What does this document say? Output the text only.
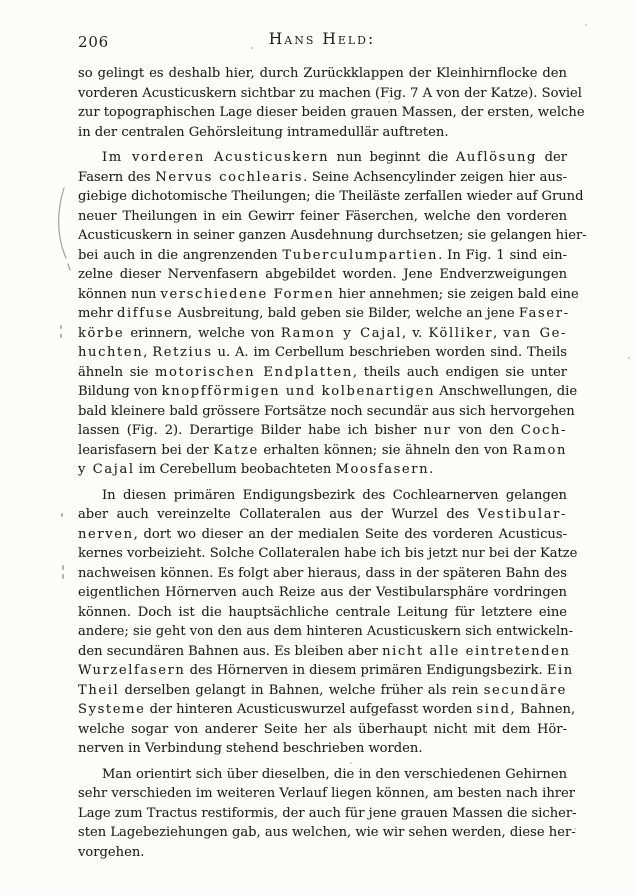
206	Hans Held:
so gelingt es deshalb hier, durch Zurückklappen der Kleinhirnflocke den
vorderen Acusticuskern sichtbar zu machen (Fig. 7 A von der Katze). Soviel
zur topographischen Lage dieser beiden grauen Massen, der ersten, welche
in der centralen Gehörsleitung intramedullär auftreten.
Im vorderen Acusticuskern nun beginnt die Auflösung der
Fasern des Nervus cochlearis. Seine Achsencylinder zeigen hier aus-
giebige dichotomische Theilungen; die Theiläste zerfallen wieder auf Grund
neuer Theilungen in ein Gewirr feiner Fäserchen, welche den vorderen
Acusticuskern in seiner ganzen Ausdehnung durchsetzen; sie gelangen hier-
bei auch in die angrenzenden Tuberculumpartien. In Fig. 1 sind ein-
zelne dieser Nervenfasern abgebildet worden. Jene Endverzweigungen
können nun verschiedene Formen hier annehmen; sie zeigen bald eine
mehr diffuse Ausbreitung, bald geben sie Bilder, welche an jene Faser-
körbe erinnern, welche von Ramon y Cajal, v. Kölliker, van Ge-
huchten, Retzius u. A. im Cerbellum beschrieben worden sind. Theils
ähneln sie motorischen Endplatten, theils auch endigen sie unter
Bildung von knopfförmigen und kolbenartigen Anschwellungen, die
bald kleinere bald grössere Fortsätze noch secundär aus sich hervorgehen
lassen (Fig. 2). Derartige Bilder habe ich bisher nur von den Coch-
learisfasern bei der Katze erhalten können; sie ähneln den von Ramon
y Cajal im Cerebellum beobachteten Moosfasern.
In diesen primären Endigungsbezirk des Cochlearnerven gelangen
aber auch vereinzelte Collateralen aus der Wurzel des Vestibular-
nerven, dort wo dieser an der medialen Seite des vorderen Acusticus-
kernes vorbeizieht. Solche Collateralen habe ich bis jetzt nur bei der Katze
nachweisen können. Es folgt aber hieraus, dass in der späteren Bahn des
eigentlichen Hörnerven auch Reize aus der Vestibularsphäre vordringen
können. Doch ist die hauptsächliche centrale Leitung für letztere eine
andere; sie geht von den aus dem hinteren Acusticuskern sich entwickeln-
den secundären Bahnen aus. Es bleiben aber nicht alle eintretenden
Wurzelfasern des Hörnerven in diesem primären Endigungsbezirk. Ein
Theil derselben gelangt in Bahnen, welche früher als rein secundäre
Systeme der hinteren Acusticuswurzel aufgefasst worden sind, Bahnen,
welche sogar von anderer Seite her als überhaupt nicht mit dem Hör-
nerven in Verbindung stehend beschrieben worden.
Man orientirt sich über dieselben, die in den verschiedenen Gehirnen
sehr verschieden im weiteren Verlauf liegen können, am besten nach ihrer
Lage zum Tractus restiformis, der auch für jene grauen Massen die sicher-
sten Lagebeziehungen gab, aus welchen, wie wir sehen werden, diese her-
vorgehen.
